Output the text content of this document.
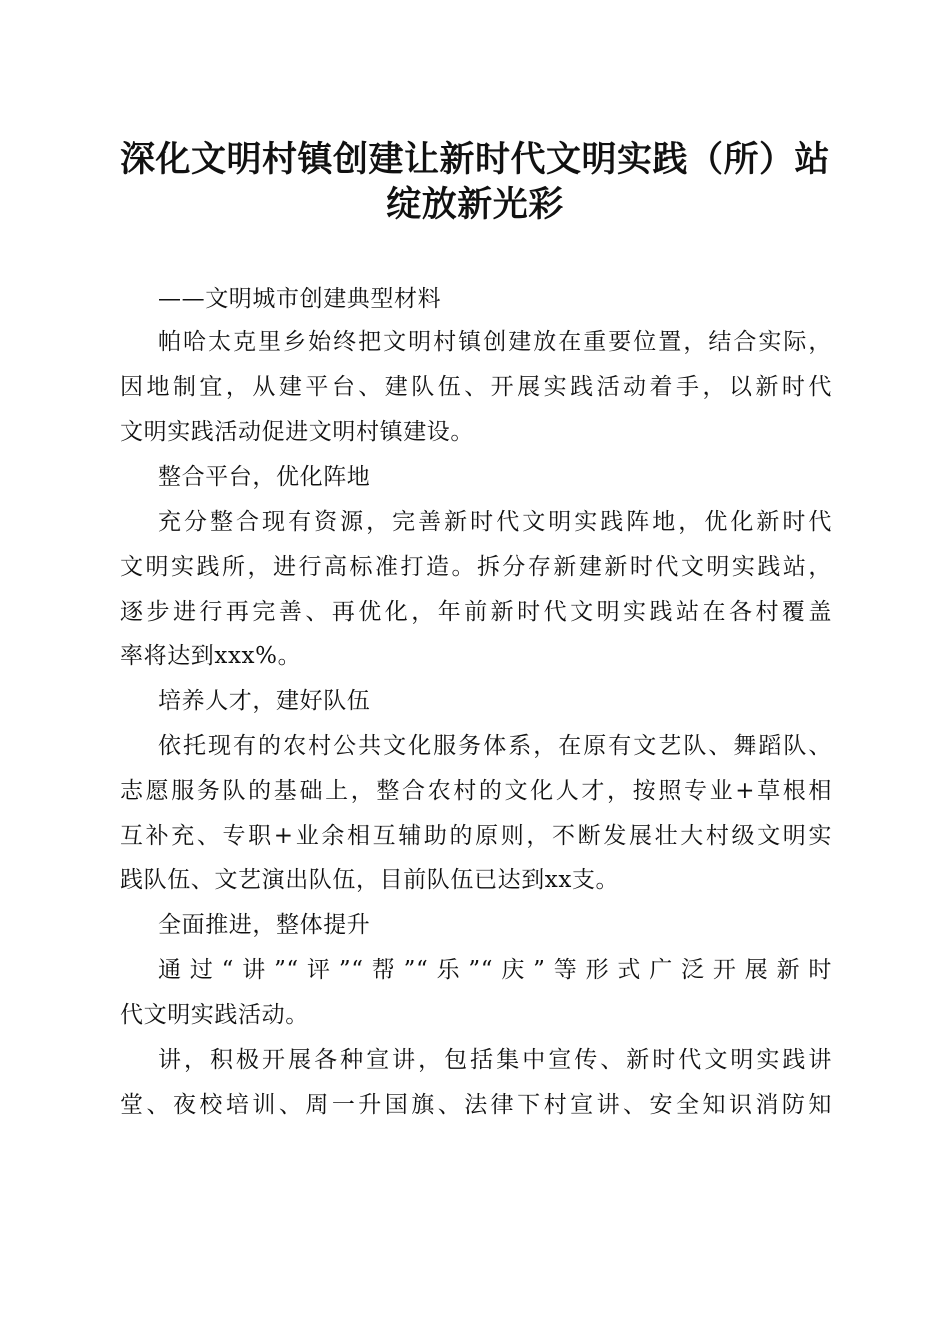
深化文明村镇创建让新时代文明实践（所）站
绽放新光彩
——文明城市创建典型材料
帕哈太克里乡始终把文明村镇创建放在重要位置，结合实际，
因地制宜，从建平台、建队伍、开展实践活动着手，以新时代
文明实践活动促进文明村镇建设。
整合平台，优化阵地
充分整合现有资源，完善新时代文明实践阵地，优化新时代
文明实践所，进行高标准打造。拆分存新建新时代文明实践站，
逐步进行再完善、再优化，年前新时代文明实践站在各村覆盖
率将达到xxx%。
培养人才，建好队伍
依托现有的农村公共文化服务体系，在原有文艺队、舞蹈队、
志愿服务队的基础上，整合农村的文化人才，按照专业+草根相
互补充、专职+业余相互辅助的原则，不断发展壮大村级文明实
践队伍、文艺演出队伍，目前队伍已达到xx支。
全面推进，整体提升
通过“讲”“评”“帮”“乐”“庆”等形式广泛开展新时
代文明实践活动。
讲，积极开展各种宣讲，包括集中宣传、新时代文明实践讲
堂、夜校培训、周一升国旗、法律下村宣讲、安全知识消防知
